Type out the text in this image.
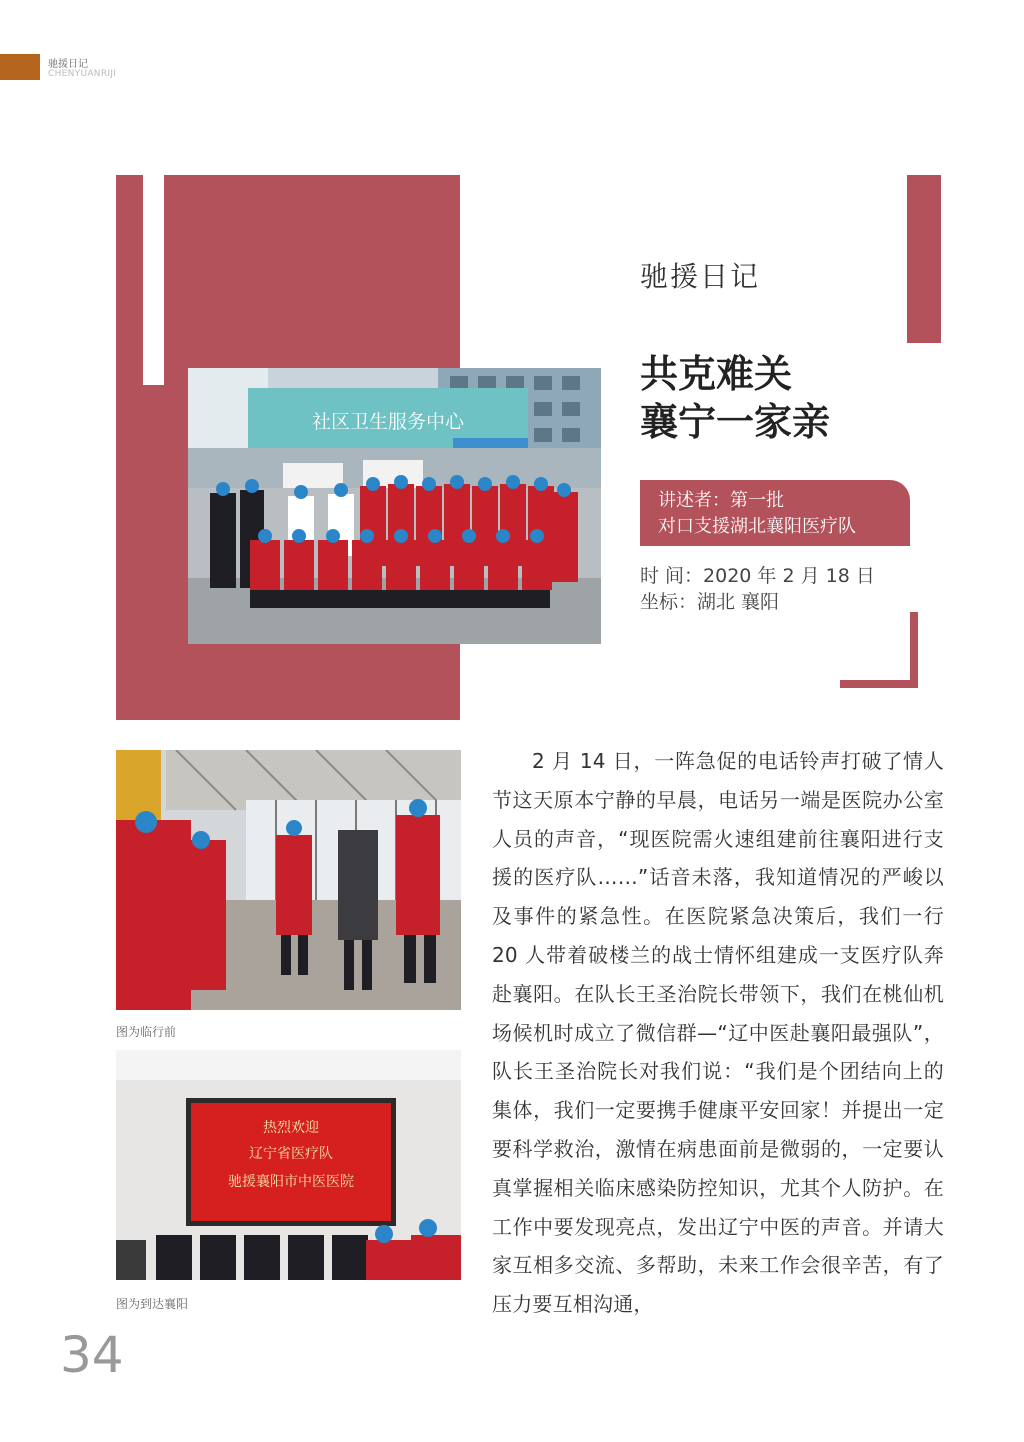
驰援日记
CHENYUANRIJI
社区卫生服务中心
驰援日记
共克难关
襄宁一家亲
讲述者：第一批
对口支援湖北襄阳医疗队
时 间：2020 年 2 月 18 日
坐标：湖北 襄阳
图为临行前
热烈欢迎
辽宁省医疗队
驰援襄阳市中医医院
图为到达襄阳

2 月 14 日，一阵急促的电话铃声打破了情人节这天原本宁静的早晨，电话另一端是医院办公室人员的声音，“现医院需火速组建前往襄阳进行支援的医疗队……”话音未落，我知道情况的严峻以及事件的紧急性。在医院紧急决策后，我们一行 20 人带着破楼兰的战士情怀组建成一支医疗队奔赴襄阳。在队长王圣治院长带领下，我们在桃仙机场候机时成立了微信群—“辽中医赴襄阳最强队”，队长王圣治院长对我们说：“我们是个团结向上的集体，我们一定要携手健康平安回家！并提出一定要科学救治，激情在病患面前是微弱的，一定要认真掌握相关临床感染防控知识，尤其个人防护。在工作中要发现亮点，发出辽宁中医的声音。并请大家互相多交流、多帮助，未来工作会很辛苦，有了压力要互相沟通，

34
